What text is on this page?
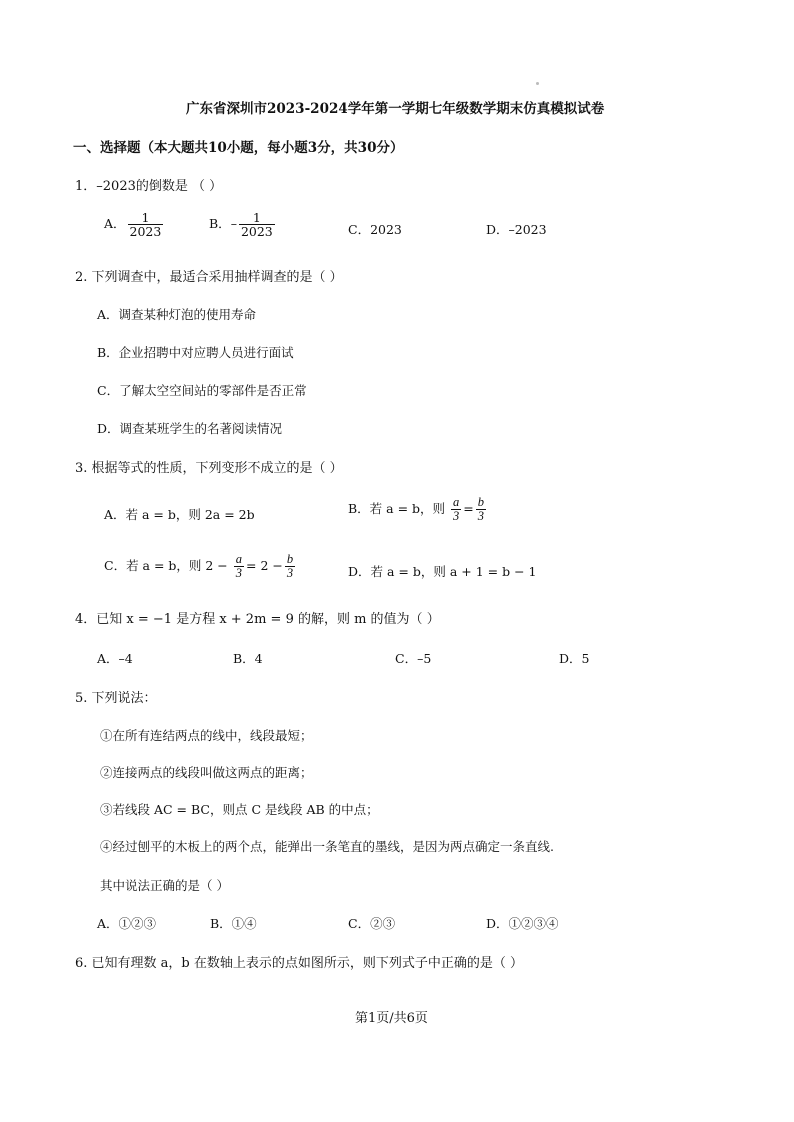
广东省深圳市2023-2024学年第一学期七年级数学期末仿真模拟试卷
一、选择题（本大题共10小题，每小题3分，共30分）
1．–2023的倒数是 （ ）
A． $\frac{1}{2023}$	B．– $\frac{1}{2023}$	C．2023	D．–2023
2. 下列调查中，最适合采用抽样调查的是（ ）
A．调查某种灯泡的使用寿命
B．企业招聘中对应聘人员进行面试
C．了解太空空间站的零部件是否正常
D．调查某班学生的名著阅读情况
3. 根据等式的性质，下列变形不成立的是（ ）
A．若 a = b，则 2a = 2b	B．若 a = b，则 $\frac{a}{3} = \frac{b}{3}$
C．若 a = b，则 $2 - \frac{a}{3} = 2 - \frac{b}{3}$	D．若 a = b，则 a + 1 = b − 1
4．已知 x = −1 是方程 x + 2m = 9 的解，则 m 的值为（ ）
A．–4	B．4	C．–5	D．5
5. 下列说法：
①在所有连结两点的线中，线段最短；
②连接两点的线段叫做这两点的距离；
③若线段 AC = BC，则点 C 是线段 AB 的中点；
④经过刨平的木板上的两个点，能弹出一条笔直的墨线，是因为两点确定一条直线.
其中说法正确的是（ ）
A．①②③	B．①④	C．②③	D．①②③④
6. 已知有理数 a，b 在数轴上表示的点如图所示，则下列式子中正确的是（ ）
第1页/共6页
